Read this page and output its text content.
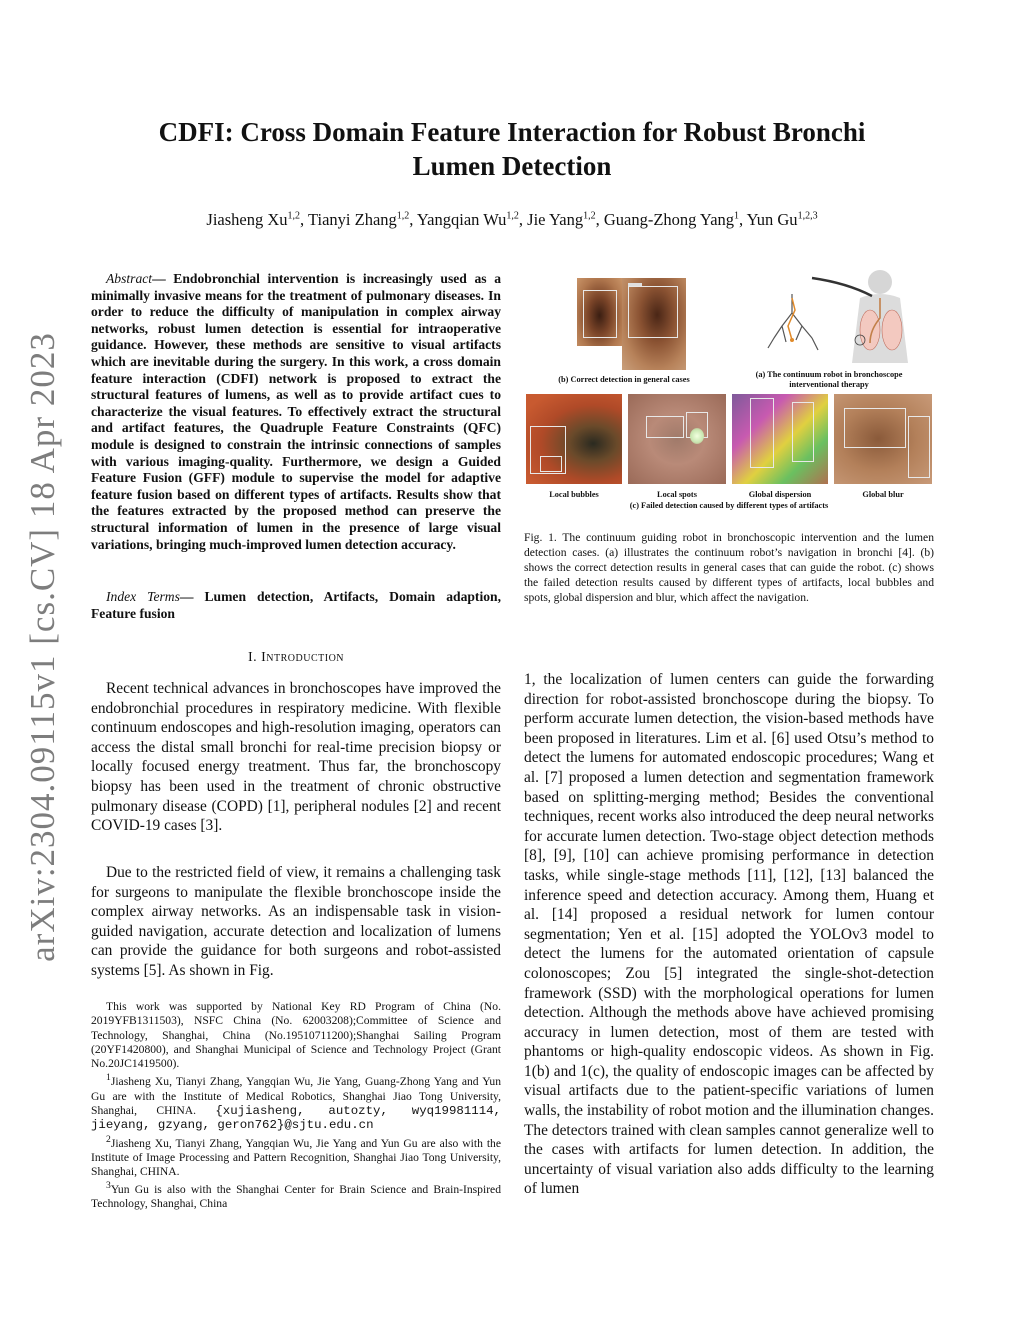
arXiv:2304.09115v1 [cs.CV] 18 Apr 2023
CDFI: Cross Domain Feature Interaction for Robust Bronchi Lumen Detection
Jiasheng Xu$^{1,2}$, Tianyi Zhang$^{1,2}$, Yangqian Wu$^{1,2}$, Jie Yang$^{1,2}$, Guang-Zhong Yang$^1$, Yun Gu$^{1,2,3}$
Abstract— Endobronchial intervention is increasingly used as a minimally invasive means for the treatment of pulmonary diseases. In order to reduce the difficulty of manipulation in complex airway networks, robust lumen detection is essential for intraoperative guidance. However, these methods are sensitive to visual artifacts which are inevitable during the surgery. In this work, a cross domain feature interaction (CDFI) network is proposed to extract the structural features of lumens, as well as to provide artifact cues to characterize the visual features. To effectively extract the structural and artifact features, the Quadruple Feature Constraints (QFC) module is designed to constrain the intrinsic connections of samples with various imaging-quality. Furthermore, we design a Guided Feature Fusion (GFF) module to supervise the model for adaptive feature fusion based on different types of artifacts. Results show that the features extracted by the proposed method can preserve the structural information of lumen in the presence of large visual variations, bringing much-improved lumen detection accuracy.
Index Terms— Lumen detection, Artifacts, Domain adaption, Feature fusion
I. Introduction
Recent technical advances in bronchoscopes have improved the endobronchial procedures in respiratory medicine. With flexible continuum endoscopes and high-resolution imaging, operators can access the distal small bronchi for real-time precision biopsy or locally focused energy treatment. Thus far, the bronchoscopy biopsy has been used in the treatment of chronic obstructive pulmonary disease (COPD) [1], peripheral nodules [2] and recent COVID-19 cases [3].
Due to the restricted field of view, it remains a challenging task for surgeons to manipulate the flexible bronchoscope inside the complex airway networks. As an indispensable task in vision-guided navigation, accurate detection and localization of lumens can provide the guidance for both surgeons and robot-assisted systems [5]. As shown in Fig.

This work was supported by National Key RD Program of China (No. 2019YFB1311503), NSFC China (No. 62003208);Committee of Science and Technology, Shanghai, China (No.19510711200);Shanghai Sailing Program (20YF1420800), and Shanghai Municipal of Science and Technology Project (Grant No.20JC1419500).

$^1$Jiasheng Xu, Tianyi Zhang, Yangqian Wu, Jie Yang, Guang-Zhong Yang and Yun Gu are with the Institute of Medical Robotics, Shanghai Jiao Tong University, Shanghai, CHINA. {xujiasheng, autozty, wyq19981114, jieyang, gzyang, geron762}@sjtu.edu.cn

$^2$Jiasheng Xu, Tianyi Zhang, Yangqian Wu, Jie Yang and Yun Gu are also with the Institute of Image Processing and Pattern Recognition, Shanghai Jiao Tong University, Shanghai, CHINA.

$^3$Yun Gu is also with the Shanghai Center for Brain Science and Brain-Inspired Technology, Shanghai, China

(b) Correct detection in general cases
(a) The continuum robot in bronchoscope interventional therapy
Local bubbles	Local spots	Global dispersion	Global blur
(c) Failed detection caused by different types of artifacts
Fig. 1. The continuum guiding robot in bronchoscopic intervention and the lumen detection cases. (a) illustrates the continuum robot’s navigation in bronchi [4]. (b) shows the correct detection results in general cases that can guide the robot. (c) shows the failed detection results caused by different types of artifacts, local bubbles and spots, global dispersion and blur, which affect the navigation.
1, the localization of lumen centers can guide the forwarding direction for robot-assisted bronchoscope during the biopsy. To perform accurate lumen detection, the vision-based methods have been proposed in literatures. Lim et al. [6] used Otsu’s method to detect the lumens for automated endoscopic procedures; Wang et al. [7] proposed a lumen detection and segmentation framework based on splitting-merging method; Besides the conventional techniques, recent works also introduced the deep neural networks for accurate lumen detection. Two-stage object detection methods [8], [9], [10] can achieve promising performance in detection tasks, while single-stage methods [11], [12], [13] balanced the inference speed and detection accuracy. Among them, Huang et al. [14] proposed a residual network for lumen contour segmentation; Yen et al. [15] adopted the YOLOv3 model to detect the lumens for the automated orientation of capsule colonoscopes; Zou [5] integrated the single-shot-detection framework (SSD) with the morphological operations for lumen detection. Although the methods above have achieved promising accuracy in lumen detection, most of them are tested with phantoms or high-quality endoscopic videos. As shown in Fig. 1(b) and 1(c), the quality of endoscopic images can be affected by visual artifacts due to the patient-specific variations of lumen walls, the instability of robot motion and the illumination changes. The detectors trained with clean samples cannot generalize well to the cases with artifacts for lumen detection. In addition, the uncertainty of visual variation also adds difficulty to the learning of lumen
